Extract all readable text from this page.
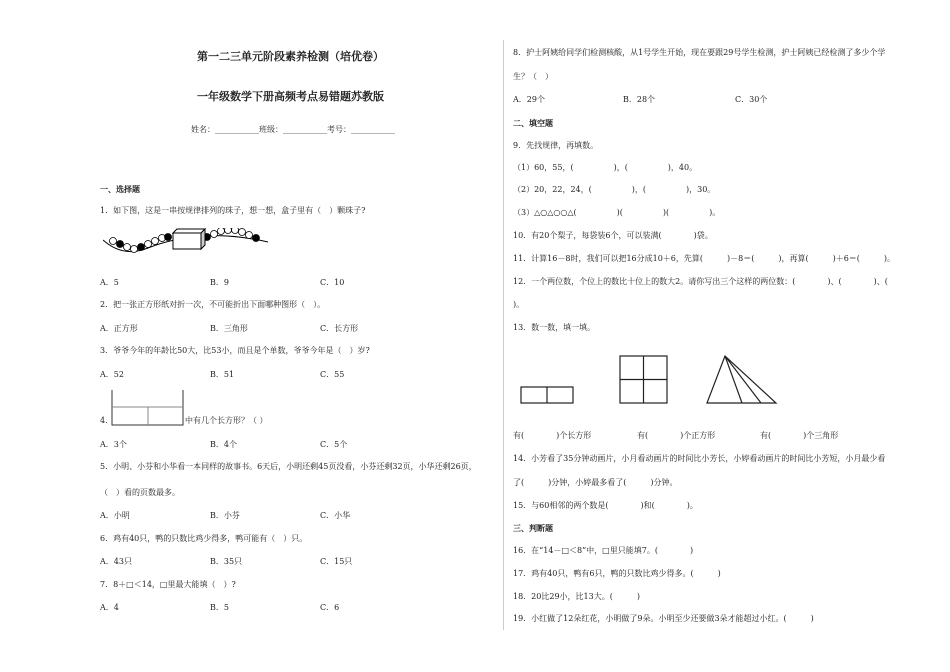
第一二三单元阶段素养检测（培优卷）
一年级数学下册高频考点易错题苏教版
姓名：___________班级：___________考号：___________
一、选择题
1．如下图，这是一串按规律排列的珠子，想一想，盒子里有（　）颗珠子?
A．5	B．9	C．10
2．把一张正方形纸对折一次，不可能折出下面哪种图形（　）。
A．正方形	B．三角形	C．长方形
3．爷爷今年的年龄比50大，比53小，而且是个单数，爷爷今年是（　）岁?
A．52	B．51	C．55
4．	中有几个长方形？（ ）
A．3个	B．4个	C．5个
5．小明、小芬和小华看一本同样的故事书。6天后，小明还剩45页没看，小芬还剩32页，小华还剩26页，
（　）看的页数最多。
A．小明	B．小芬	C．小华
6．鸡有40只，鸭的只数比鸡少得多，鸭可能有（　）只。
A．43只	B．35只	C．15只
7．8＋□＜14，□里最大能填（　）?
A．4	B．5	C．6
8．护士阿姨给同学们检测核酸，从1号学生开始，现在要跟29号学生检测，护士阿姨已经检测了多少个学
生？（　）
A．29个	B．28个	C．30个
二、填空题
9．先找规律，再填数。
（1）60，55，(　　　　　)，(　　　　　)，40。
（2）20，22，24，(　　　　　)，(　　　　　)，30。
（3）△○△○○△(　　　　　)(　　　　　)(　　　　　)。
10．有20个梨子，每袋装6个，可以装满(　　　　)袋。
11．计算16－8时，我们可以把16分成10＋6，先算(　　　)－8＝(　　　)，再算(　　　)＋6＝(　　　)。
12．一个两位数，个位上的数比十位上的数大2。请你写出三个这样的两位数：(　　　　)、(　　　　)、(
)。
13．数一数，填一填。
有(　　　　)个长方形	有(　　　　)个正方形	有(　　　　)个三角形
14．小芳看了35分钟动画片，小月看动画片的时间比小芳长，小婷看动画片的时间比小芳短，小月最少看
了(　　　)分钟，小婷最多看了(　　　)分钟。
15．与60相邻的两个数是(　　　　)和(　　　　)。
三、判断题
16．在“14－□＜8”中，□里只能填7。(　　　　)
17．鸡有40只，鸭有6只，鸭的只数比鸡少得多。(　　　)
18．20比29小，比13大。(　　　)
19．小红做了12朵红花，小明做了9朵。小明至少还要做3朵才能超过小红。(　　　)
